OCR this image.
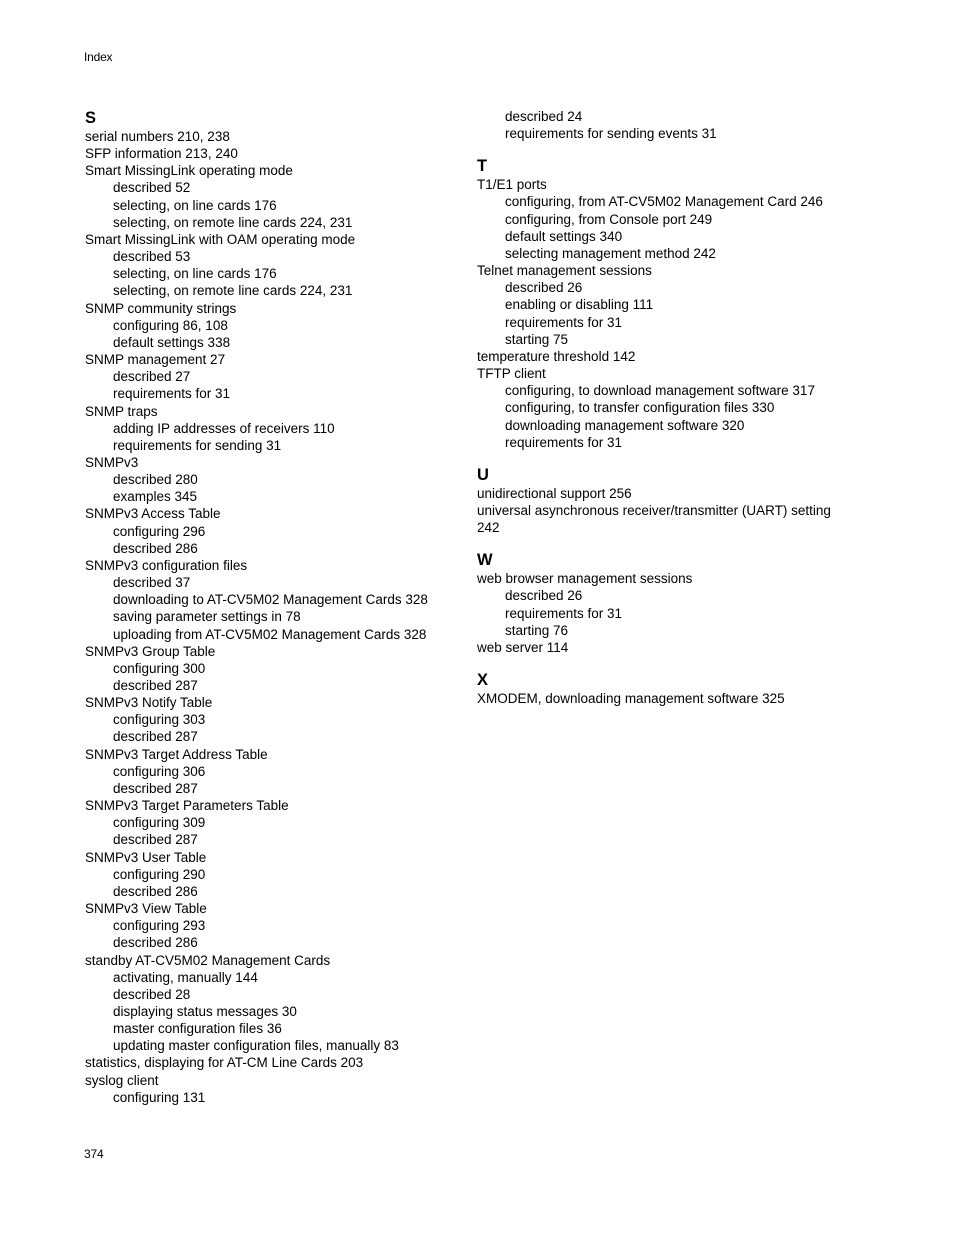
Index
S
serial numbers 210, 238
SFP information 213, 240
Smart MissingLink operating mode
described 52
selecting, on line cards 176
selecting, on remote line cards 224, 231
Smart MissingLink with OAM operating mode
described 53
selecting, on line cards 176
selecting, on remote line cards 224, 231
SNMP community strings
configuring 86, 108
default settings 338
SNMP management 27
described 27
requirements for 31
SNMP traps
adding IP addresses of receivers 110
requirements for sending 31
SNMPv3
described 280
examples 345
SNMPv3 Access Table
configuring 296
described 286
SNMPv3 configuration files
described 37
downloading to AT-CV5M02 Management Cards 328
saving parameter settings in 78
uploading from AT-CV5M02 Management Cards 328
SNMPv3 Group Table
configuring 300
described 287
SNMPv3 Notify Table
configuring 303
described 287
SNMPv3 Target Address Table
configuring 306
described 287
SNMPv3 Target Parameters Table
configuring 309
described 287
SNMPv3 User Table
configuring 290
described 286
SNMPv3 View Table
configuring 293
described 286
standby AT-CV5M02 Management Cards
activating, manually 144
described 28
displaying status messages 30
master configuration files 36
updating master configuration files, manually 83
statistics, displaying for AT-CM Line Cards 203
syslog client
configuring 131
described 24
requirements for sending events 31
T
T1/E1 ports
configuring, from AT-CV5M02 Management Card 246
configuring, from Console port 249
default settings 340
selecting management method 242
Telnet management sessions
described 26
enabling or disabling 111
requirements for 31
starting 75
temperature threshold 142
TFTP client
configuring, to download management software 317
configuring, to transfer configuration files 330
downloading management software 320
requirements for 31
U
unidirectional support 256
universal asynchronous receiver/transmitter (UART) setting 242
W
web browser management sessions
described 26
requirements for 31
starting 76
web server 114
X
XMODEM, downloading management software 325
374
